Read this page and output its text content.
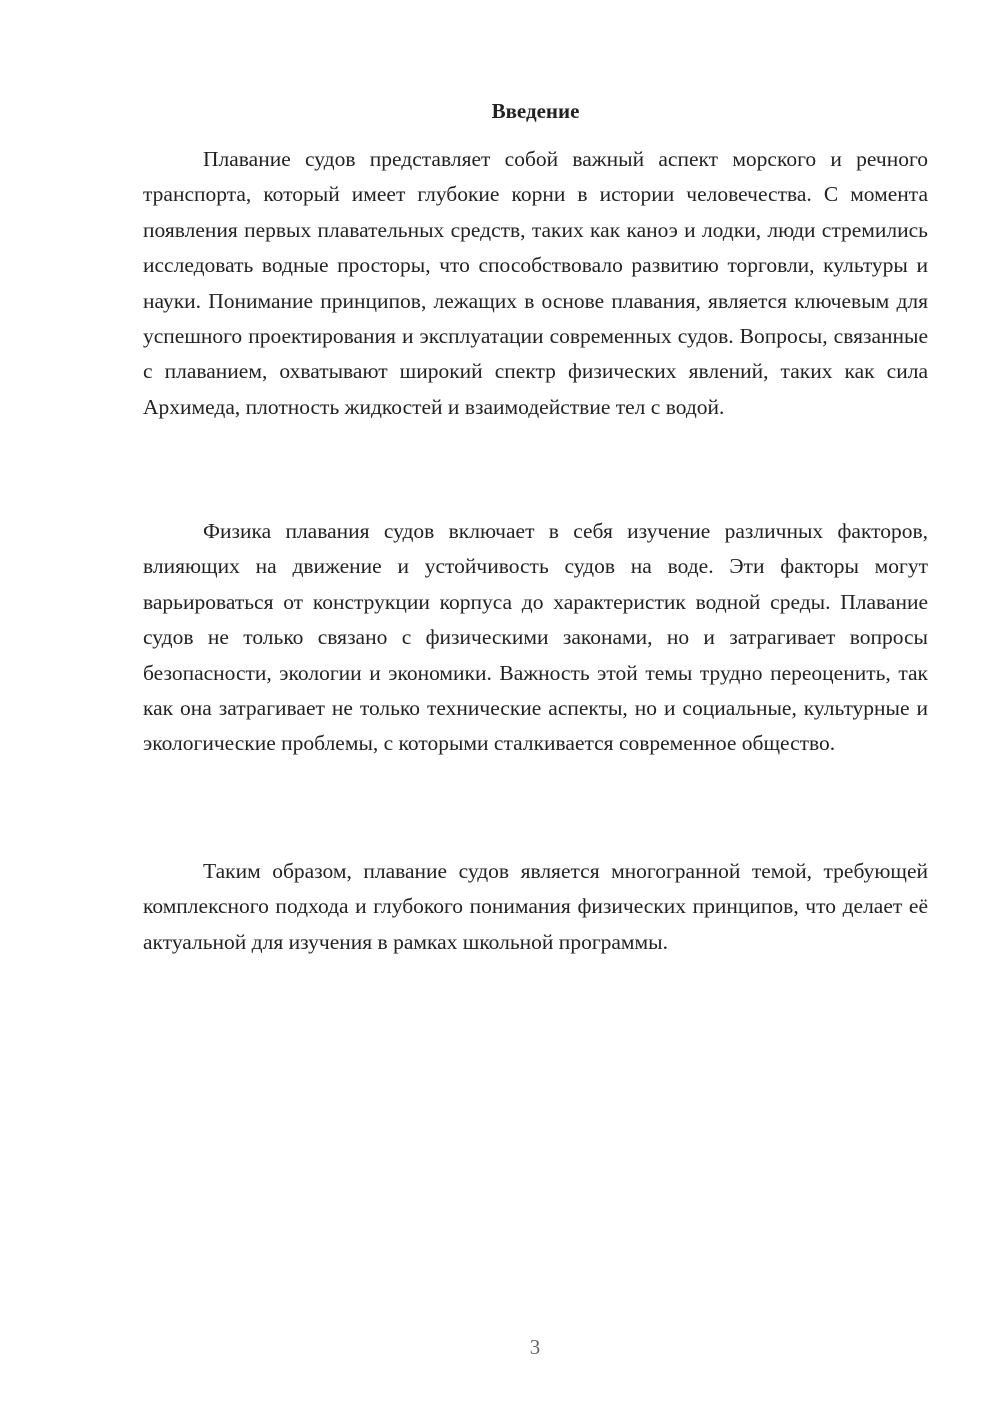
Введение

Плавание судов представляет собой важный аспект морского и речного транспорта, который имеет глубокие корни в истории человечества. С момента появления первых плавательных средств, таких как каноэ и лодки, люди стремились исследовать водные просторы, что способствовало развитию торговли, культуры и науки. Понимание принципов, лежащих в основе плавания, является ключевым для успешного проектирования и эксплуатации современных судов. Вопросы, связанные с плаванием, охватывают широкий спектр физических явлений, таких как сила Архимеда, плотность жидкостей и взаимодействие тел с водой.

Физика плавания судов включает в себя изучение различных факторов, влияющих на движение и устойчивость судов на воде. Эти факторы могут варьироваться от конструкции корпуса до характеристик водной среды. Плавание судов не только связано с физическими законами, но и затрагивает вопросы безопасности, экологии и экономики. Важность этой темы трудно переоценить, так как она затрагивает не только технические аспекты, но и социальные, культурные и экологические проблемы, с которыми сталкивается современное общество.

Таким образом, плавание судов является многогранной темой, требующей комплексного подхода и глубокого понимания физических принципов, что делает её актуальной для изучения в рамках школьной программы.

3
